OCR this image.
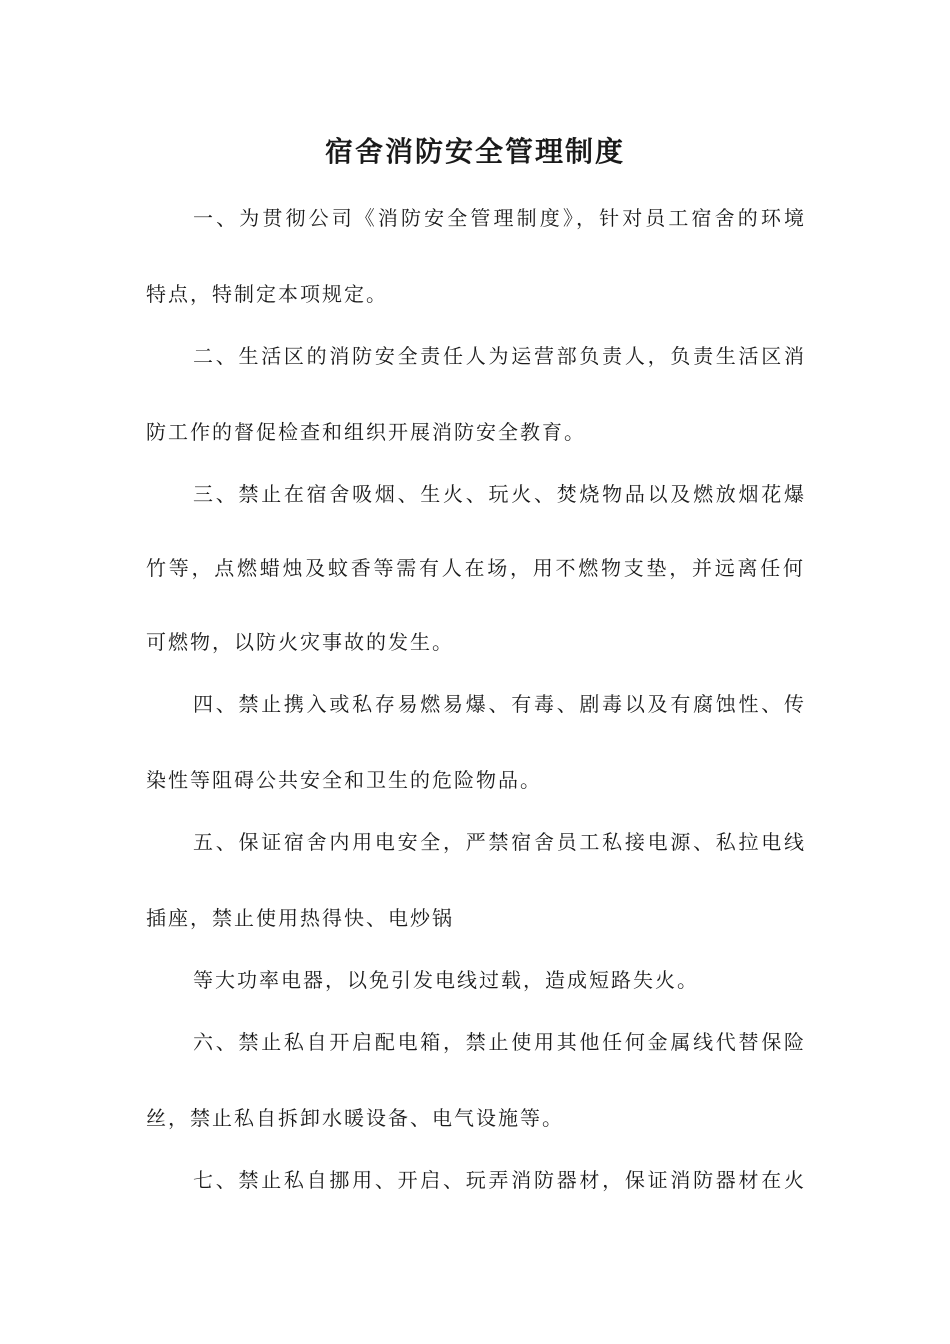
宿舍消防安全管理制度
一、为贯彻公司《消防安全管理制度》，针对员工宿舍的环境
特点，特制定本项规定。
二、生活区的消防安全责任人为运营部负责人，负责生活区消
防工作的督促检查和组织开展消防安全教育。
三、禁止在宿舍吸烟、生火、玩火、焚烧物品以及燃放烟花爆
竹等，点燃蜡烛及蚊香等需有人在场，用不燃物支垫，并远离任何
可燃物，以防火灾事故的发生。
四、禁止携入或私存易燃易爆、有毒、剧毒以及有腐蚀性、传
染性等阻碍公共安全和卫生的危险物品。
五、保证宿舍内用电安全，严禁宿舍员工私接电源、私拉电线
插座，禁止使用热得快、电炒锅
等大功率电器，以免引发电线过载，造成短路失火。
六、禁止私自开启配电箱，禁止使用其他任何金属线代替保险
丝，禁止私自拆卸水暖设备、电气设施等。
七、禁止私自挪用、开启、玩弄消防器材，保证消防器材在火
